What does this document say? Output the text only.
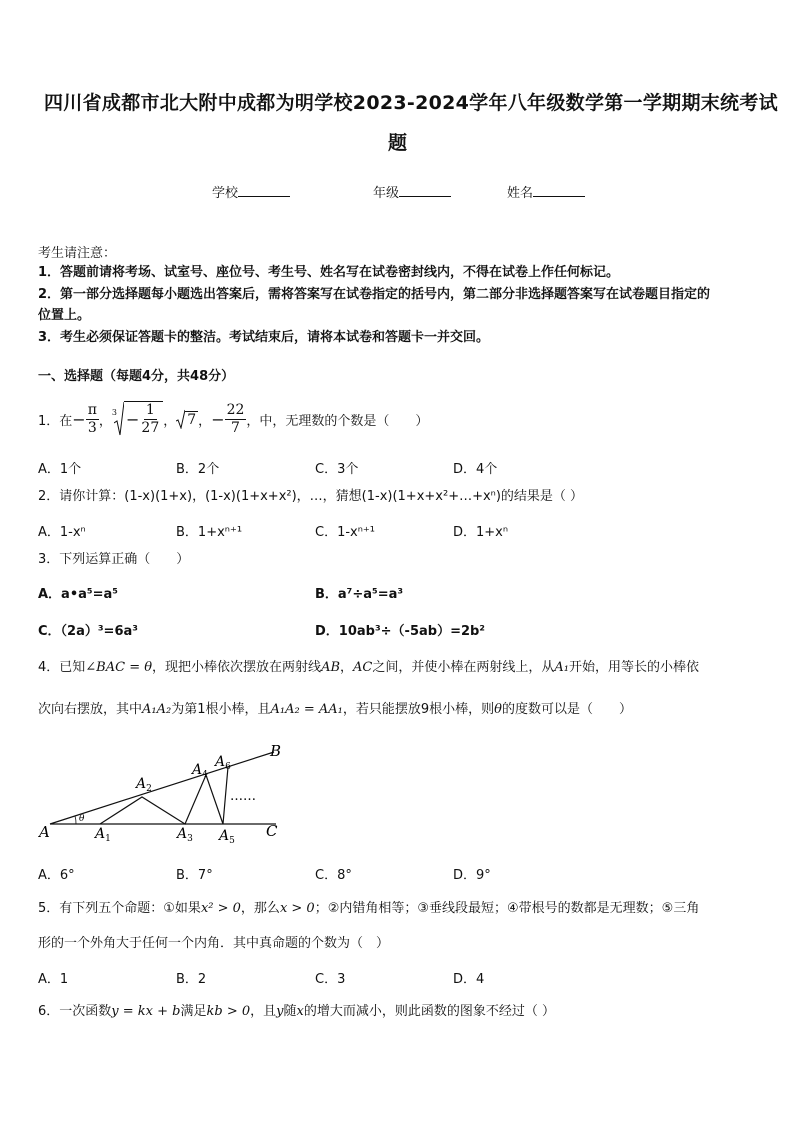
四川省成都市北大附中成都为明学校2023-2024学年八年级数学第一学期期末统考试
题
学校	年级	姓名
考生请注意：
1．答题前请将考场、试室号、座位号、考生号、姓名写在试卷密封线内，不得在试卷上作任何标记。
2．第一部分选择题每小题选出答案后，需将答案写在试卷指定的括号内，第二部分非选择题答案写在试卷题目指定的
位置上。
3．考生必须保证答题卡的整洁。考试结束后，请将本试卷和答题卡一并交回。
一、选择题（每题4分，共48分）
1．在 − $\frac{\pi}{3}$ ，
$3 - \frac{1}{27}$ ， 7 ， − $\frac{22}{7}$ ，中，无理数的个数是（　　）
A．1个	B．2个	C．3个	D．4个
2．请你计算：(1-x)(1+x)，(1-x)(1+x+x²)，…，猜想(1-x)(1+x+x²+…+xⁿ)的结果是（ ）
A．1-xⁿ	B．1+xⁿ⁺¹	C．1-xⁿ⁺¹	D．1+xⁿ
3．下列运算正确（　　）
A．a•a⁵=a⁵	B．a⁷÷a⁵=a³
C．（2a）³=6a³	D．10ab³÷（-5ab）=2b²
4．已知∠BAC = θ，现把小棒依次摆放在两射线AB，AC之间，并使小棒在两射线上，从A₁开始，用等长的小棒依
次向右摆放，其中A₁A₂为第1根小棒，且A₁A₂ = AA₁，若只能摆放9根小棒，则θ的度数可以是（　　）
θ
……
A
B
C
$A_1$
$A_2$
$A_3$
$A_4$
$A_5$
$A_6$
A．6°	B．7°	C．8°	D．9°
5．有下列五个命题：①如果x² > 0，那么x > 0；②内错角相等；③垂线段最短；④带根号的数都是无理数；⑤三角
形的一个外角大于任何一个内角．其中真命题的个数为（　）
A．1	B．2	C．3	D．4
6．一次函数y = kx + b满足kb > 0，且y随x的增大而减小，则此函数的图象不经过（ ）
